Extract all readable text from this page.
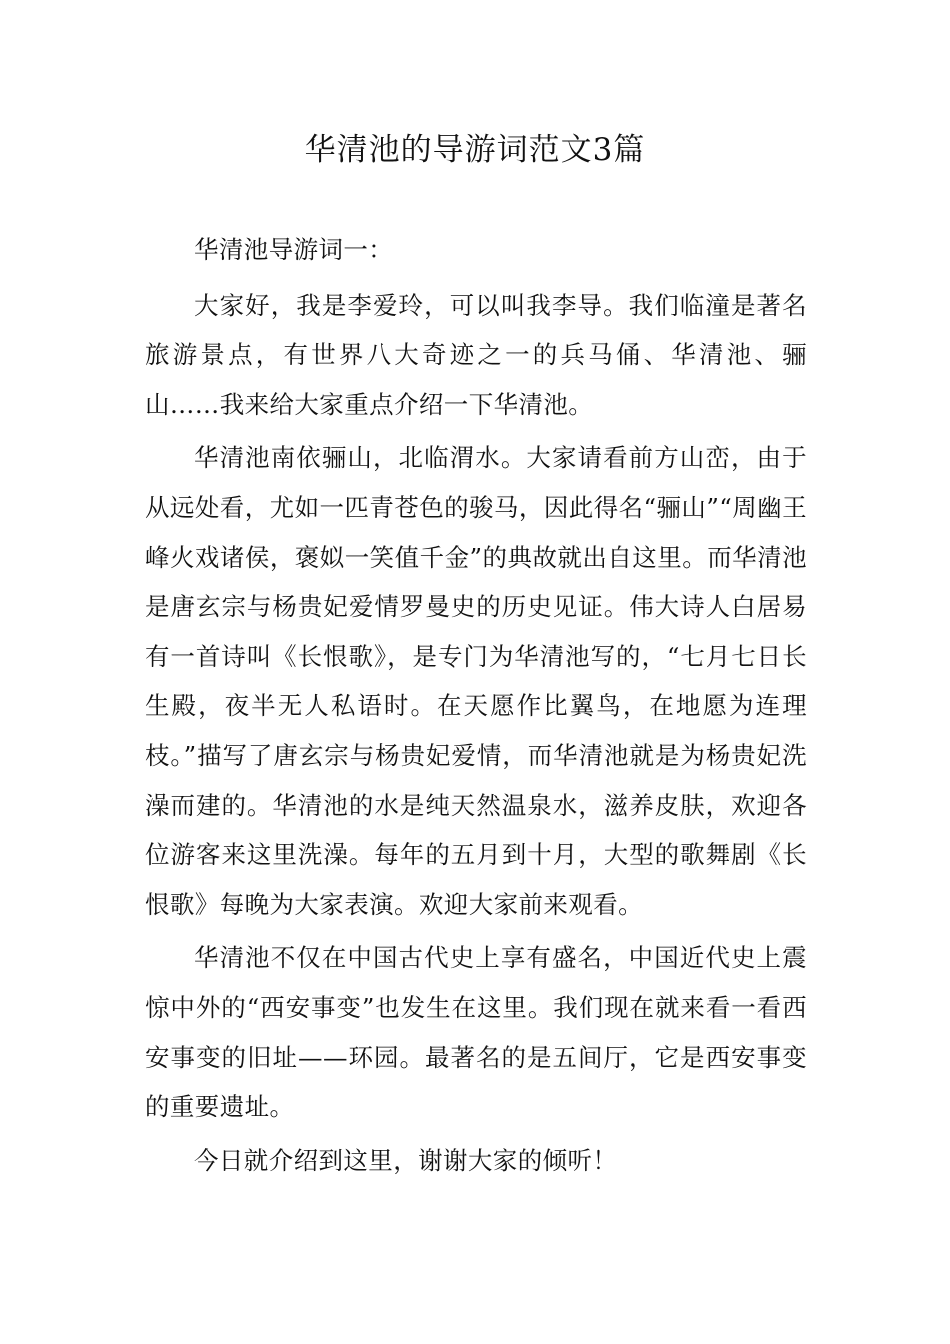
华清池的导游词范文3篇

华清池导游词一：

大家好，我是李爱玲，可以叫我李导。我们临潼是著名旅游景点，有世界八大奇迹之一的兵马俑、华清池、骊山……我来给大家重点介绍一下华清池。

华清池南依骊山，北临渭水。大家请看前方山峦，由于从远处看，尤如一匹青苍色的骏马，因此得名“骊山”“周幽王峰火戏诸侯，褒姒一笑值千金”的典故就出自这里。而华清池是唐玄宗与杨贵妃爱情罗曼史的历史见证。伟大诗人白居易有一首诗叫《长恨歌》，是专门为华清池写的，“七月七日长生殿，夜半无人私语时。在天愿作比翼鸟，在地愿为连理枝。”描写了唐玄宗与杨贵妃爱情，而华清池就是为杨贵妃洗澡而建的。华清池的水是纯天然温泉水，滋养皮肤，欢迎各位游客来这里洗澡。每年的五月到十月，大型的歌舞剧《长恨歌》每晚为大家表演。欢迎大家前来观看。

华清池不仅在中国古代史上享有盛名，中国近代史上震惊中外的“西安事变”也发生在这里。我们现在就来看一看西安事变的旧址——环园。最著名的是五间厅，它是西安事变的重要遗址。

今日就介绍到这里，谢谢大家的倾听！
